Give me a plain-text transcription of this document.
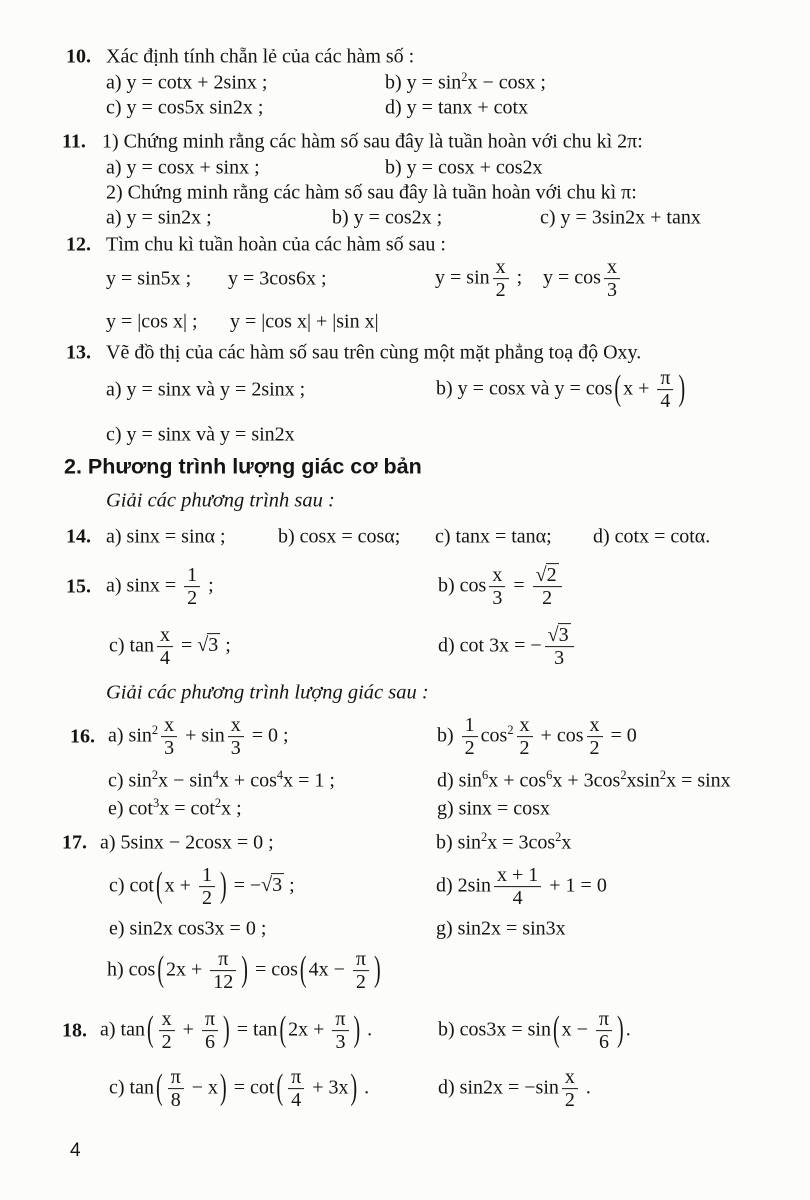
10. Xác định tính chẵn lẻ của các hàm số :
a) y = cotx + 2sinx ;	b) $y = \sin^2x - \cos x$ ;
c) y = cos5x sin2x ;	d) y = tanx + cotx
11. 1) Chứng minh rằng các hàm số sau đây là tuần hoàn với chu kì 2π:
a) y = cosx + sinx ;	b) y = cosx + cos2x
2) Chứng minh rằng các hàm số sau đây là tuần hoàn với chu kì π:
a) y = sin2x ;	b) y = cos2x ;	c) y = 3sin2x + tanx
12. Tìm chu kì tuần hoàn của các hàm số sau :
y = sin5x ; y = 3cos6x ;	$y = \sin \frac{x}{2}$ ; $y = \cos \frac{x}{3}$
y = |cos x| ; y = |cos x| + |sin x|
13. Vẽ đồ thị của các hàm số sau trên cùng một mặt phẳng toạ độ Oxy.
a) y = sinx và y = 2sinx ;	b) y = cosx và y = cos ( $x + \frac{\pi}{4}$ )
c) y = sinx và y = sin2x
2. Phương trình lượng giác cơ bản
Giải các phương trình sau :
14. a) sinx = sinα ;	b) cosx = cosα; c) tanx = tanα; d) cotx = cotα.
15. a) $\sin x = \frac{1}{2}$ ;	b) $\cos \frac{x}{3} = \frac{√2}{2}$
c) $\tan \frac{x}{4} = √3$ ;	d) cot 3x = − $\frac{√3}{3}$
Giải các phương trình lượng giác sau :
16. a) $\sin^2 \frac{x}{3} + \sin \frac{x}{3} = 0$ ;	$b) \frac{1}{2} \cos^2 \frac{x}{2} + \cos \frac{x}{2} = 0$
c) $\sin^2x - \sin^4x + \cos^4x = 1$ ;	d) $\sin^6x + \cos^6x + 3\cos^2xsin^2x = \sin x$
e) $\cot^3x = \cot^2x$ ;	g) sinx = cosx
17. a) 5sinx − 2cosx = 0 ;	b) $\sin^2x = 3\cos^2x$
c) cot ( $x + \frac{1}{2}$ ) = −√3 ;	d) $2\sin \frac{x + 1}{4} + 1 = 0$
e) sin2x cos3x = 0 ;	g) sin2x = sin3x
h) cos ( $2x + \frac{\pi}{12}$ ) = cos ( $4x - \frac{\pi}{2}$ )
18. a) tan ( $\frac{x}{2} + \frac{\pi}{6}$ ) = tan ( $2x + \frac{\pi}{3}$ ) .	b) cos3x = sin ( $x - \frac{\pi}{6}$ ) .
c) tan ( $\frac{\pi}{8} - x$ ) = cot ( $\frac{\pi}{4} + 3x$ ) .	d) $\sin 2x = -\sin \frac{x}{2}$ .
4
